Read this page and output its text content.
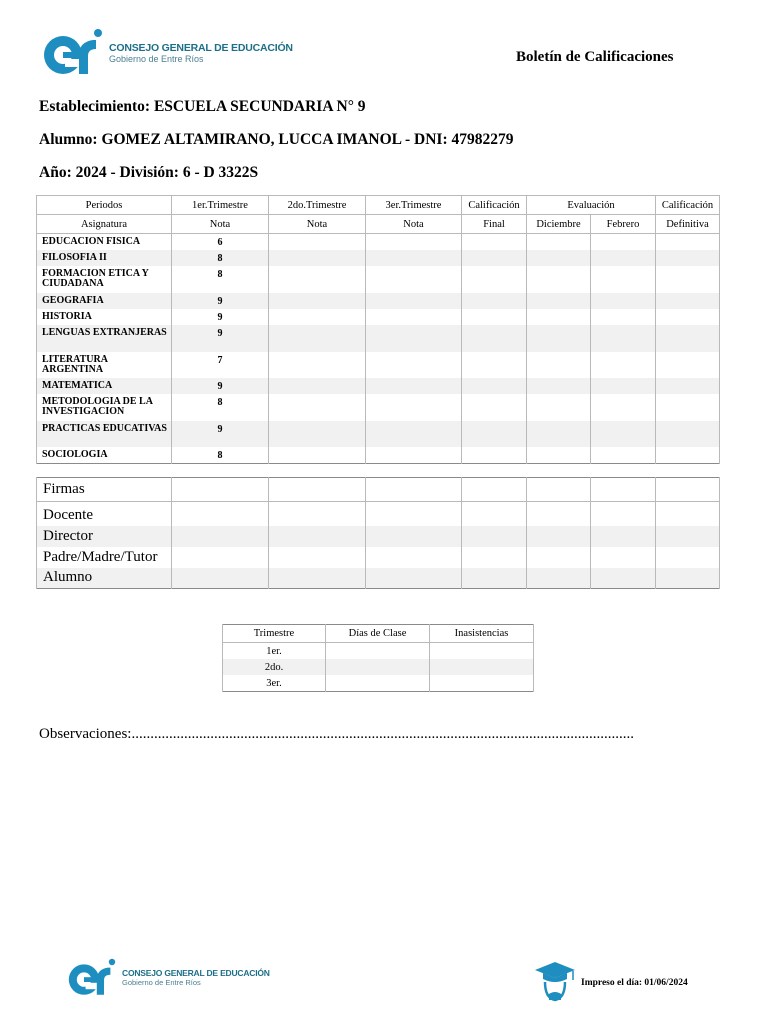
CONSEJO GENERAL DE EDUCACIÓN
Gobierno de Entre Ríos	Boletín de Calificaciones
Establecimiento: ESCUELA SECUNDARIA N° 9
Alumno: GOMEZ ALTAMIRANO, LUCCA IMANOL - DNI: 47982279
Año: 2024 - División: 6 - D 3322S
Periodos	1er.Trimestre	2do.Trimestre	3er.Trimestre	Calificación	Evaluación		Calificación
Asignatura	Nota	Nota	Nota	Final	Diciembre	Febrero	Definitiva
EDUCACION FISICA	6						
FILOSOFIA II	8						
FORMACION ETICA Y CIUDADANA	8						
GEOGRAFIA	9						
HISTORIA	9						
LENGUAS EXTRANJERAS	9						
LITERATURA ARGENTINA	7						
MATEMATICA	9						
METODOLOGIA DE LA INVESTIGACION	8						
PRACTICAS EDUCATIVAS	9						
SOCIOLOGIA	8						
Firmas							
Docente							
Director							
Padre/Madre/Tutor							
Alumno							
Trimestre	Días de Clase	Inasistencias
1er.		
2do.		
3er.		
Observaciones:......................................................................................................................................
CONSEJO GENERAL DE EDUCACIÓN
Gobierno de Entre Ríos	Impreso el día: 01/06/2024
